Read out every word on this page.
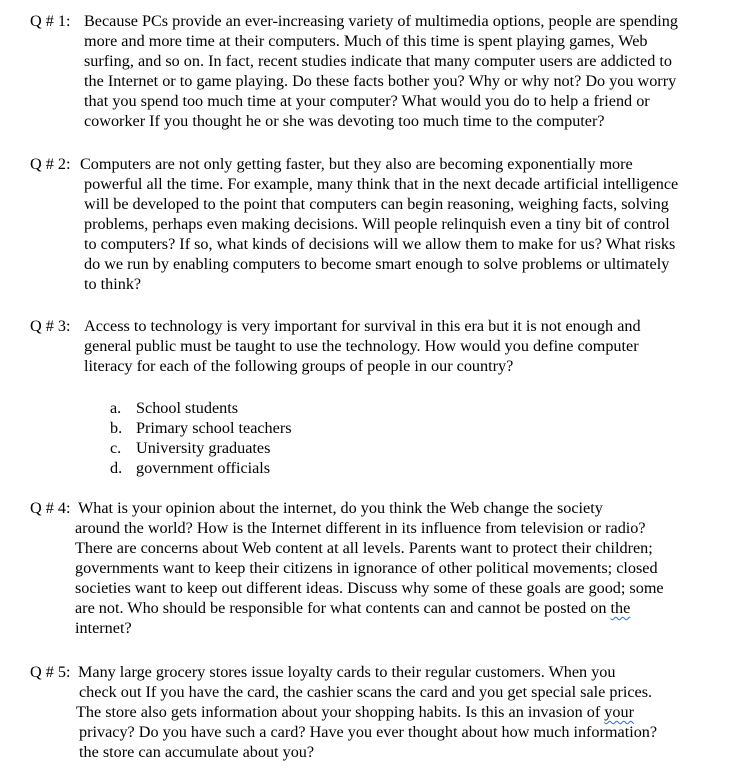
Q # 1: Because PCs provide an ever-increasing variety of multimedia options, people are spending
more and more time at their computers. Much of this time is spent playing games, Web
surfing, and so on. In fact, recent studies indicate that many computer users are addicted to
the Internet or to game playing. Do these facts bother you? Why or why not? Do you worry
that you spend too much time at your computer? What would you do to help a friend or
coworker If you thought he or she was devoting too much time to the computer?
Q # 2: Computers are not only getting faster, but they also are becoming exponentially more
powerful all the time. For example, many think that in the next decade artificial intelligence
will be developed to the point that computers can begin reasoning, weighing facts, solving
problems, perhaps even making decisions. Will people relinquish even a tiny bit of control
to computers? If so, what kinds of decisions will we allow them to make for us? What risks
do we run by enabling computers to become smart enough to solve problems or ultimately
to think?
Q # 3: Access to technology is very important for survival in this era but it is not enough and
general public must be taught to use the technology. How would you define computer
literacy for each of the following groups of people in our country?
a. School students
b. Primary school teachers
c. University graduates
d. government officials
Q # 4: What is your opinion about the internet, do you think the Web change the society
around the world? How is the Internet different in its influence from television or radio?
There are concerns about Web content at all levels. Parents want to protect their children;
governments want to keep their citizens in ignorance of other political movements; closed
societies want to keep out different ideas. Discuss why some of these goals are good; some
are not. Who should be responsible for what contents can and cannot be posted on the
internet?
Q # 5: Many large grocery stores issue loyalty cards to their regular customers. When you
check out If you have the card, the cashier scans the card and you get special sale prices.
The store also gets information about your shopping habits. Is this an invasion of your
privacy? Do you have such a card? Have you ever thought about how much information?
the store can accumulate about you?
